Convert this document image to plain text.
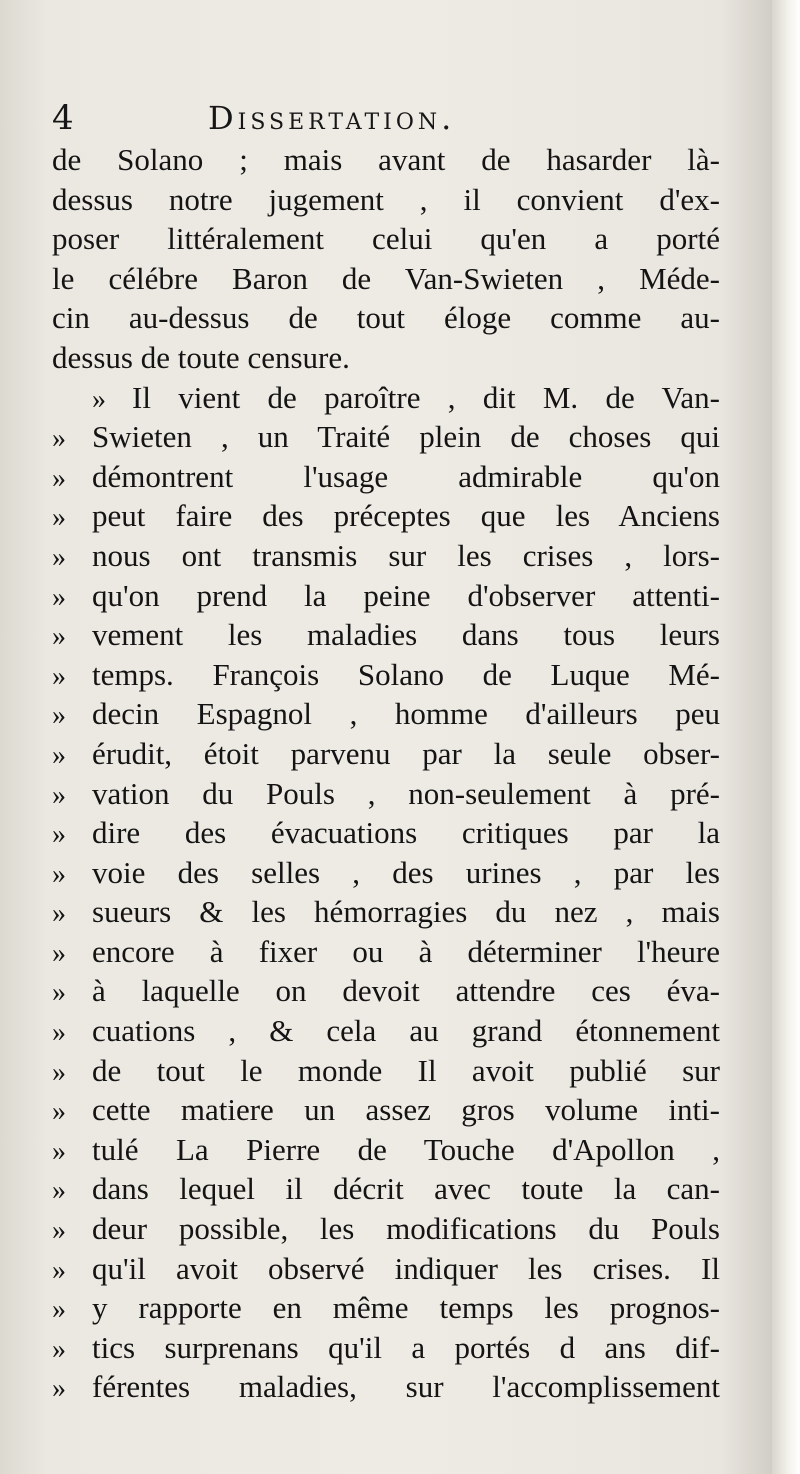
4	Dissertation.
de Solano ; mais avant de hasarder là-
dessus notre jugement , il convient d'ex-
poser littéralement celui qu'en a porté
le célébre Baron de Van-Swieten , Méde-
cin au-dessus de tout éloge comme au-
dessus de toute censure.
» Il vient de paroître , dit M. de Van-
» Swieten , un Traité plein de choses qui
» démontrent l'usage admirable qu'on
» peut faire des préceptes que les Anciens
» nous ont transmis sur les crises , lors-
» qu'on prend la peine d'observer attenti-
» vement les maladies dans tous leurs
» temps. François Solano de Luque Mé-
» decin Espagnol , homme d'ailleurs peu
» érudit, étoit parvenu par la seule obser-
» vation du Pouls , non-seulement à pré-
» dire des évacuations critiques par la
» voie des selles , des urines , par les
» sueurs & les hémorragies du nez , mais
» encore à fixer ou à déterminer l'heure
» à laquelle on devoit attendre ces éva-
» cuations , & cela au grand étonnement
» de tout le monde Il avoit publié sur
» cette matiere un assez gros volume inti-
» tulé La Pierre de Touche d'Apollon ,
» dans lequel il décrit avec toute la can-
» deur possible, les modifications du Pouls
» qu'il avoit observé indiquer les crises. Il
» y rapporte en même temps les prognos-
» tics surprenans qu'il a portés d ans dif-
» férentes maladies, sur l'accomplissement
